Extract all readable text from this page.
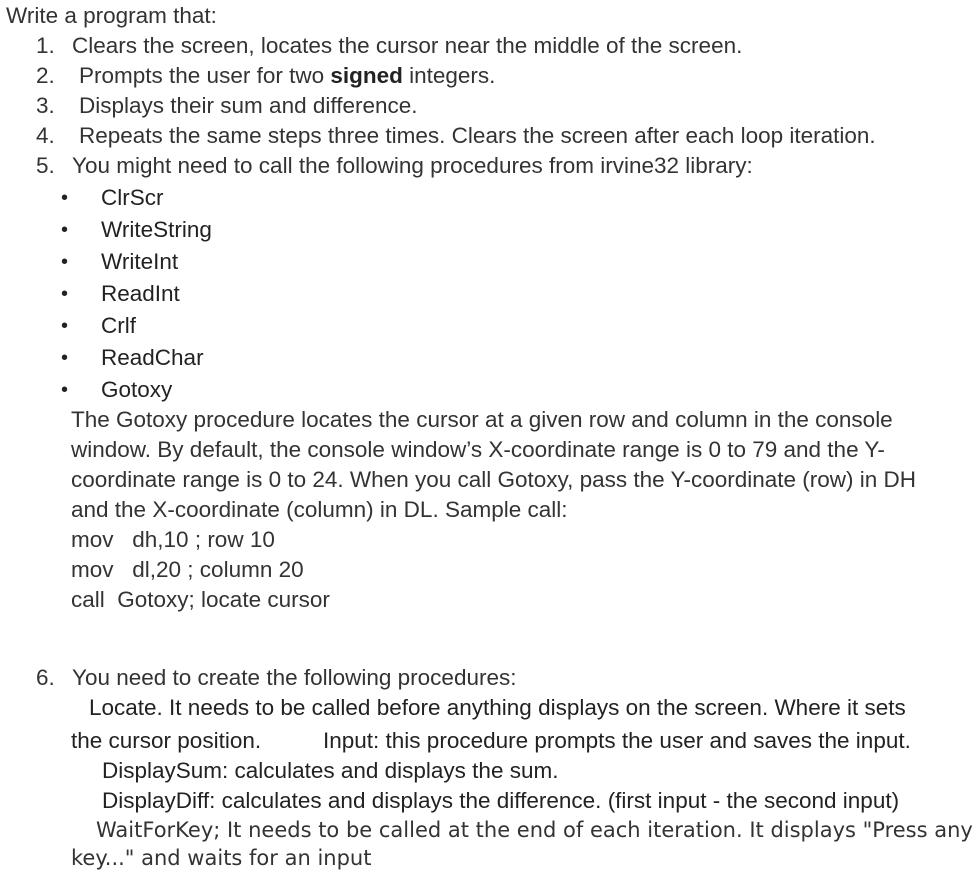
Write a program that:
1. Clears the screen, locates the cursor near the middle of the screen.
2. Prompts the user for two signed integers.
3. Displays their sum and difference.
4. Repeats the same steps three times. Clears the screen after each loop iteration.
5. You might need to call the following procedures from irvine32 library:
• ClrScr
• WriteString
• WriteInt
• ReadInt
• Crlf
• ReadChar
• Gotoxy
The Gotoxy procedure locates the cursor at a given row and column in the console
window. By default, the console window’s X-coordinate range is 0 to 79 and the Y-
coordinate range is 0 to 24. When you call Gotoxy, pass the Y-coordinate (row) in DH
and the X-coordinate (column) in DL. Sample call:
mov   dh,10 ; row 10
mov   dl,20 ; column 20
call  Gotoxy; locate cursor
6. You need to create the following procedures:
Locate. It needs to be called before anything displays on the screen. Where it sets
the cursor position.	Input: this procedure prompts the user and saves the input.
DisplaySum: calculates and displays the sum.
DisplayDiff: calculates and displays the difference. (first input - the second input)
WaitForKey; It needs to be called at the end of each iteration. It displays "Press any
key..." and waits for an input
